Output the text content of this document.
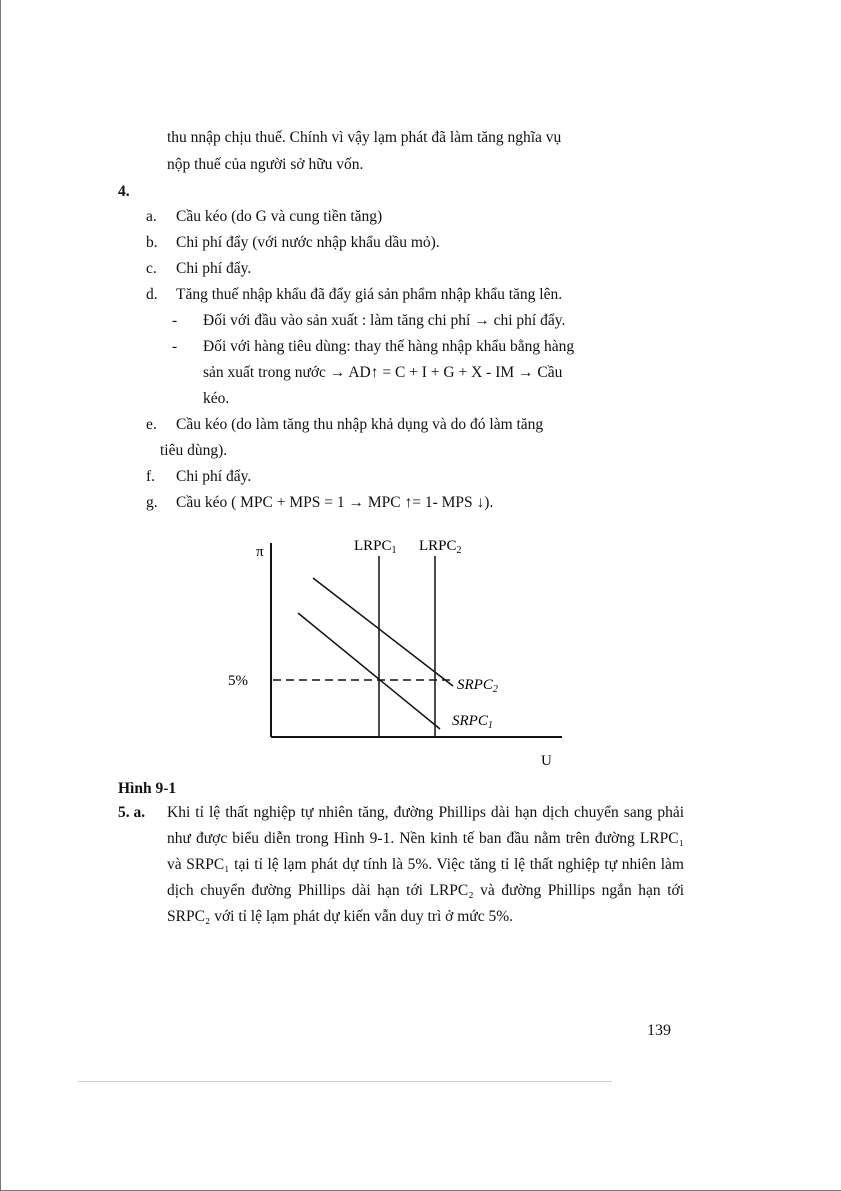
thu nnập chịu thuế. Chính vì vậy lạm phát đã làm tăng nghĩa vụ
nộp thuế của người sở hữu vốn.
4.
a. Cầu kéo (do G và cung tiền tăng)
b. Chi phí đẩy (với nước nhập khẩu dầu mỏ).
c. Chi phí đẩy.
d. Tăng thuế nhập khẩu đã đẩy giá sản phẩm nhập khẩu tăng lên.
- Đối với đầu vào sản xuất : làm tăng chi phí → chi phí đẩy.
- Đối với hàng tiêu dùng: thay thế hàng nhập khẩu bằng hàng
sản xuất trong nước → AD↑ = C + I + G + X - IM → Cầu
kéo.
e. Cầu kéo (do làm tăng thu nhập khả dụng và do đó làm tăng
tiêu dùng).
f. Chi phí đẩy.
g. Cầu kéo ( MPC + MPS = 1 → MPC ↑= 1- MPS ↓).
π
U
5%
$LRPC_1$ $LRPC_2$
$SRPC_2$
$SRPC_1$
Hình 9-1
5. a. Khi tỉ lệ thất nghiệp tự nhiên tăng, đường Phillips dài hạn dịch chuyển sang phải như được biểu diễn trong Hình 9-1. Nền kinh tế ban đầu nằm trên đường LRPC₁ và SRPC₁ tại tỉ lệ lạm phát dự tính là 5%. Việc tăng tỉ lệ thất nghiệp tự nhiên làm dịch chuyển đường Phillips dài hạn tới LRPC₂ và đường Phillips ngắn hạn tới SRPC₂ với tỉ lệ lạm phát dự kiến vẫn duy trì ở mức 5%.
139
